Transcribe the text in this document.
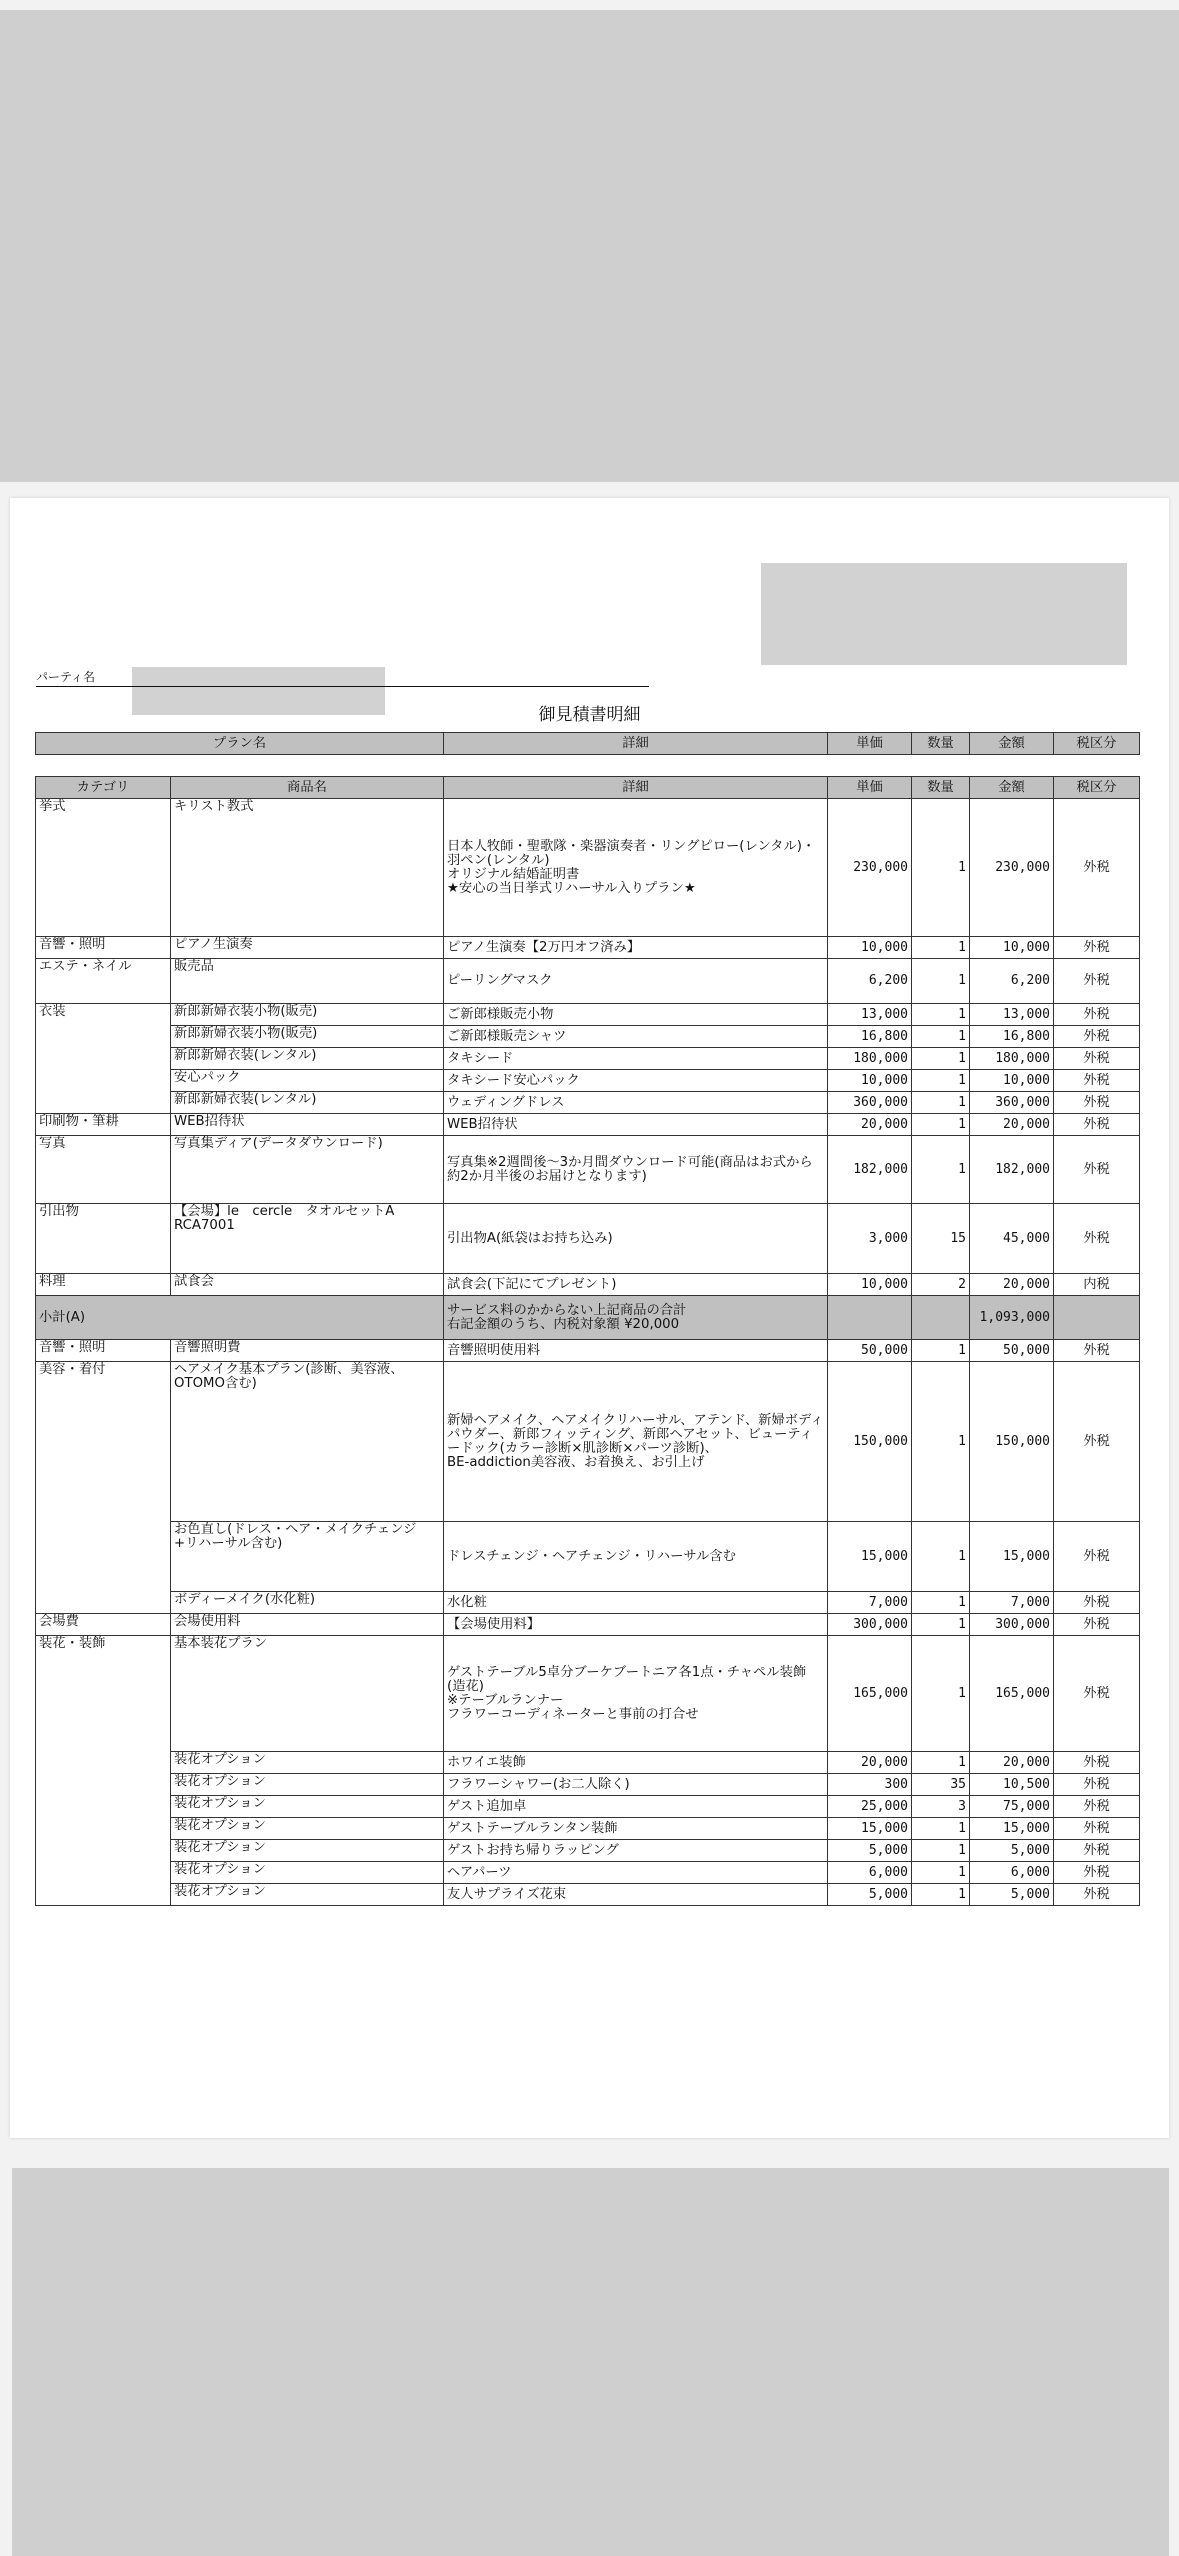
パーティ名
御見積書明細
プラン名	詳細	単価	数量	金額	税区分
カテゴリ	商品名	詳細	単価	数量	金額	税区分
挙式	キリスト教式	日本人牧師・聖歌隊・楽器演奏者・リングピロー(レンタル)・羽ペン(レンタル)
オリジナル結婚証明書
★安心の当日挙式リハーサル入りプラン★	230,000	1	230,000	外税
音響・照明	ピアノ生演奏	ピアノ生演奏【2万円オフ済み】	10,000	1	10,000	外税
エステ・ネイル	販売品	ピーリングマスク	6,200	1	6,200	外税
衣装	新郎新婦衣装小物(販売)	ご新郎様販売小物	13,000	1	13,000	外税
	新郎新婦衣装小物(販売)	ご新郎様販売シャツ	16,800	1	16,800	外税
	新郎新婦衣装(レンタル)	タキシード	180,000	1	180,000	外税
	安心パック	タキシード安心パック	10,000	1	10,000	外税
	新郎新婦衣装(レンタル)	ウェディングドレス	360,000	1	360,000	外税
印刷物・筆耕	WEB招待状	WEB招待状	20,000	1	20,000	外税
写真	写真集ディア(データダウンロード)	写真集※2週間後〜3か月間ダウンロード可能(商品はお式から約2か月半後のお届けとなります)	182,000	1	182,000	外税
引出物	【会場】le　cercle　タオルセットA　RCA7001	引出物A(紙袋はお持ち込み)	3,000	15	45,000	外税
料理	試食会	試食会(下記にてプレゼント)	10,000	2	20,000	内税
小計(A)		サービス料のかからない上記商品の合計
右記金額のうち、内税対象額 ¥20,000			1,093,000	
音響・照明	音響照明費	音響照明使用料	50,000	1	50,000	外税
美容・着付	ヘアメイク基本プラン(診断、美容液、OTOMO含む)	新婦ヘアメイク、ヘアメイクリハーサル、アテンド、新婦ボディパウダー、新郎フィッティング、新郎ヘアセット、ビューティードック(カラー診断×肌診断×パーツ診断)、
BE-addiction美容液、お着換え、お引上げ	150,000	1	150,000	外税
	お色直し(ドレス・ヘア・メイクチェンジ+リハーサル含む)	ドレスチェンジ・ヘアチェンジ・リハーサル含む	15,000	1	15,000	外税
	ボディーメイク(水化粧)	水化粧	7,000	1	7,000	外税
会場費	会場使用料	【会場使用料】	300,000	1	300,000	外税
装花・装飾	基本装花プラン	ゲストテーブル5卓分ブーケブートニア各1点・チャペル装飾(造花)
※テーブルランナー
フラワーコーディネーターと事前の打合せ	165,000	1	165,000	外税
	装花オプション	ホワイエ装飾	20,000	1	20,000	外税
	装花オプション	フラワーシャワー(お二人除く)	300	35	10,500	外税
	装花オプション	ゲスト追加卓	25,000	3	75,000	外税
	装花オプション	ゲストテーブルランタン装飾	15,000	1	15,000	外税
	装花オプション	ゲストお持ち帰りラッピング	5,000	1	5,000	外税
	装花オプション	ヘアパーツ	6,000	1	6,000	外税
	装花オプション	友人サプライズ花束	5,000	1	5,000	外税
